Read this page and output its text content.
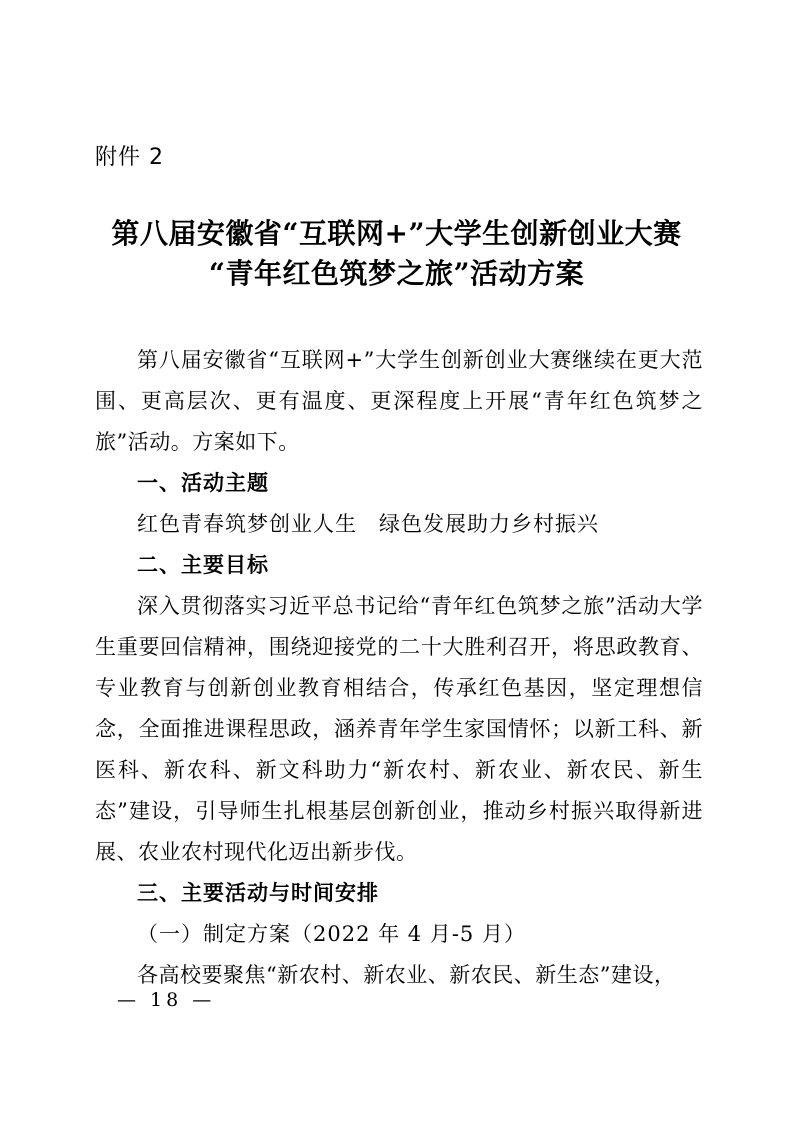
附件 2
第八届安徽省“互联网+”大学生创新创业大赛
“青年红色筑梦之旅”活动方案

第八届安徽省“互联网+”大学生创新创业大赛继续在更大范围、更高层次、更有温度、更深程度上开展“青年红色筑梦之旅”活动。方案如下。

一、活动主题

红色青春筑梦创业人生　绿色发展助力乡村振兴

二、主要目标

深入贯彻落实习近平总书记给“青年红色筑梦之旅”活动大学生重要回信精神，围绕迎接党的二十大胜利召开，将思政教育、专业教育与创新创业教育相结合，传承红色基因，坚定理想信念，全面推进课程思政，涵养青年学生家国情怀；以新工科、新医科、新农科、新文科助力“新农村、新农业、新农民、新生态”建设，引导师生扎根基层创新创业，推动乡村振兴取得新进展、农业农村现代化迈出新步伐。

三、主要活动与时间安排

（一）制定方案（2022 年 4 月-5 月）

各高校要聚焦“新农村、新农业、新农民、新生态”建设，

— 18 —
